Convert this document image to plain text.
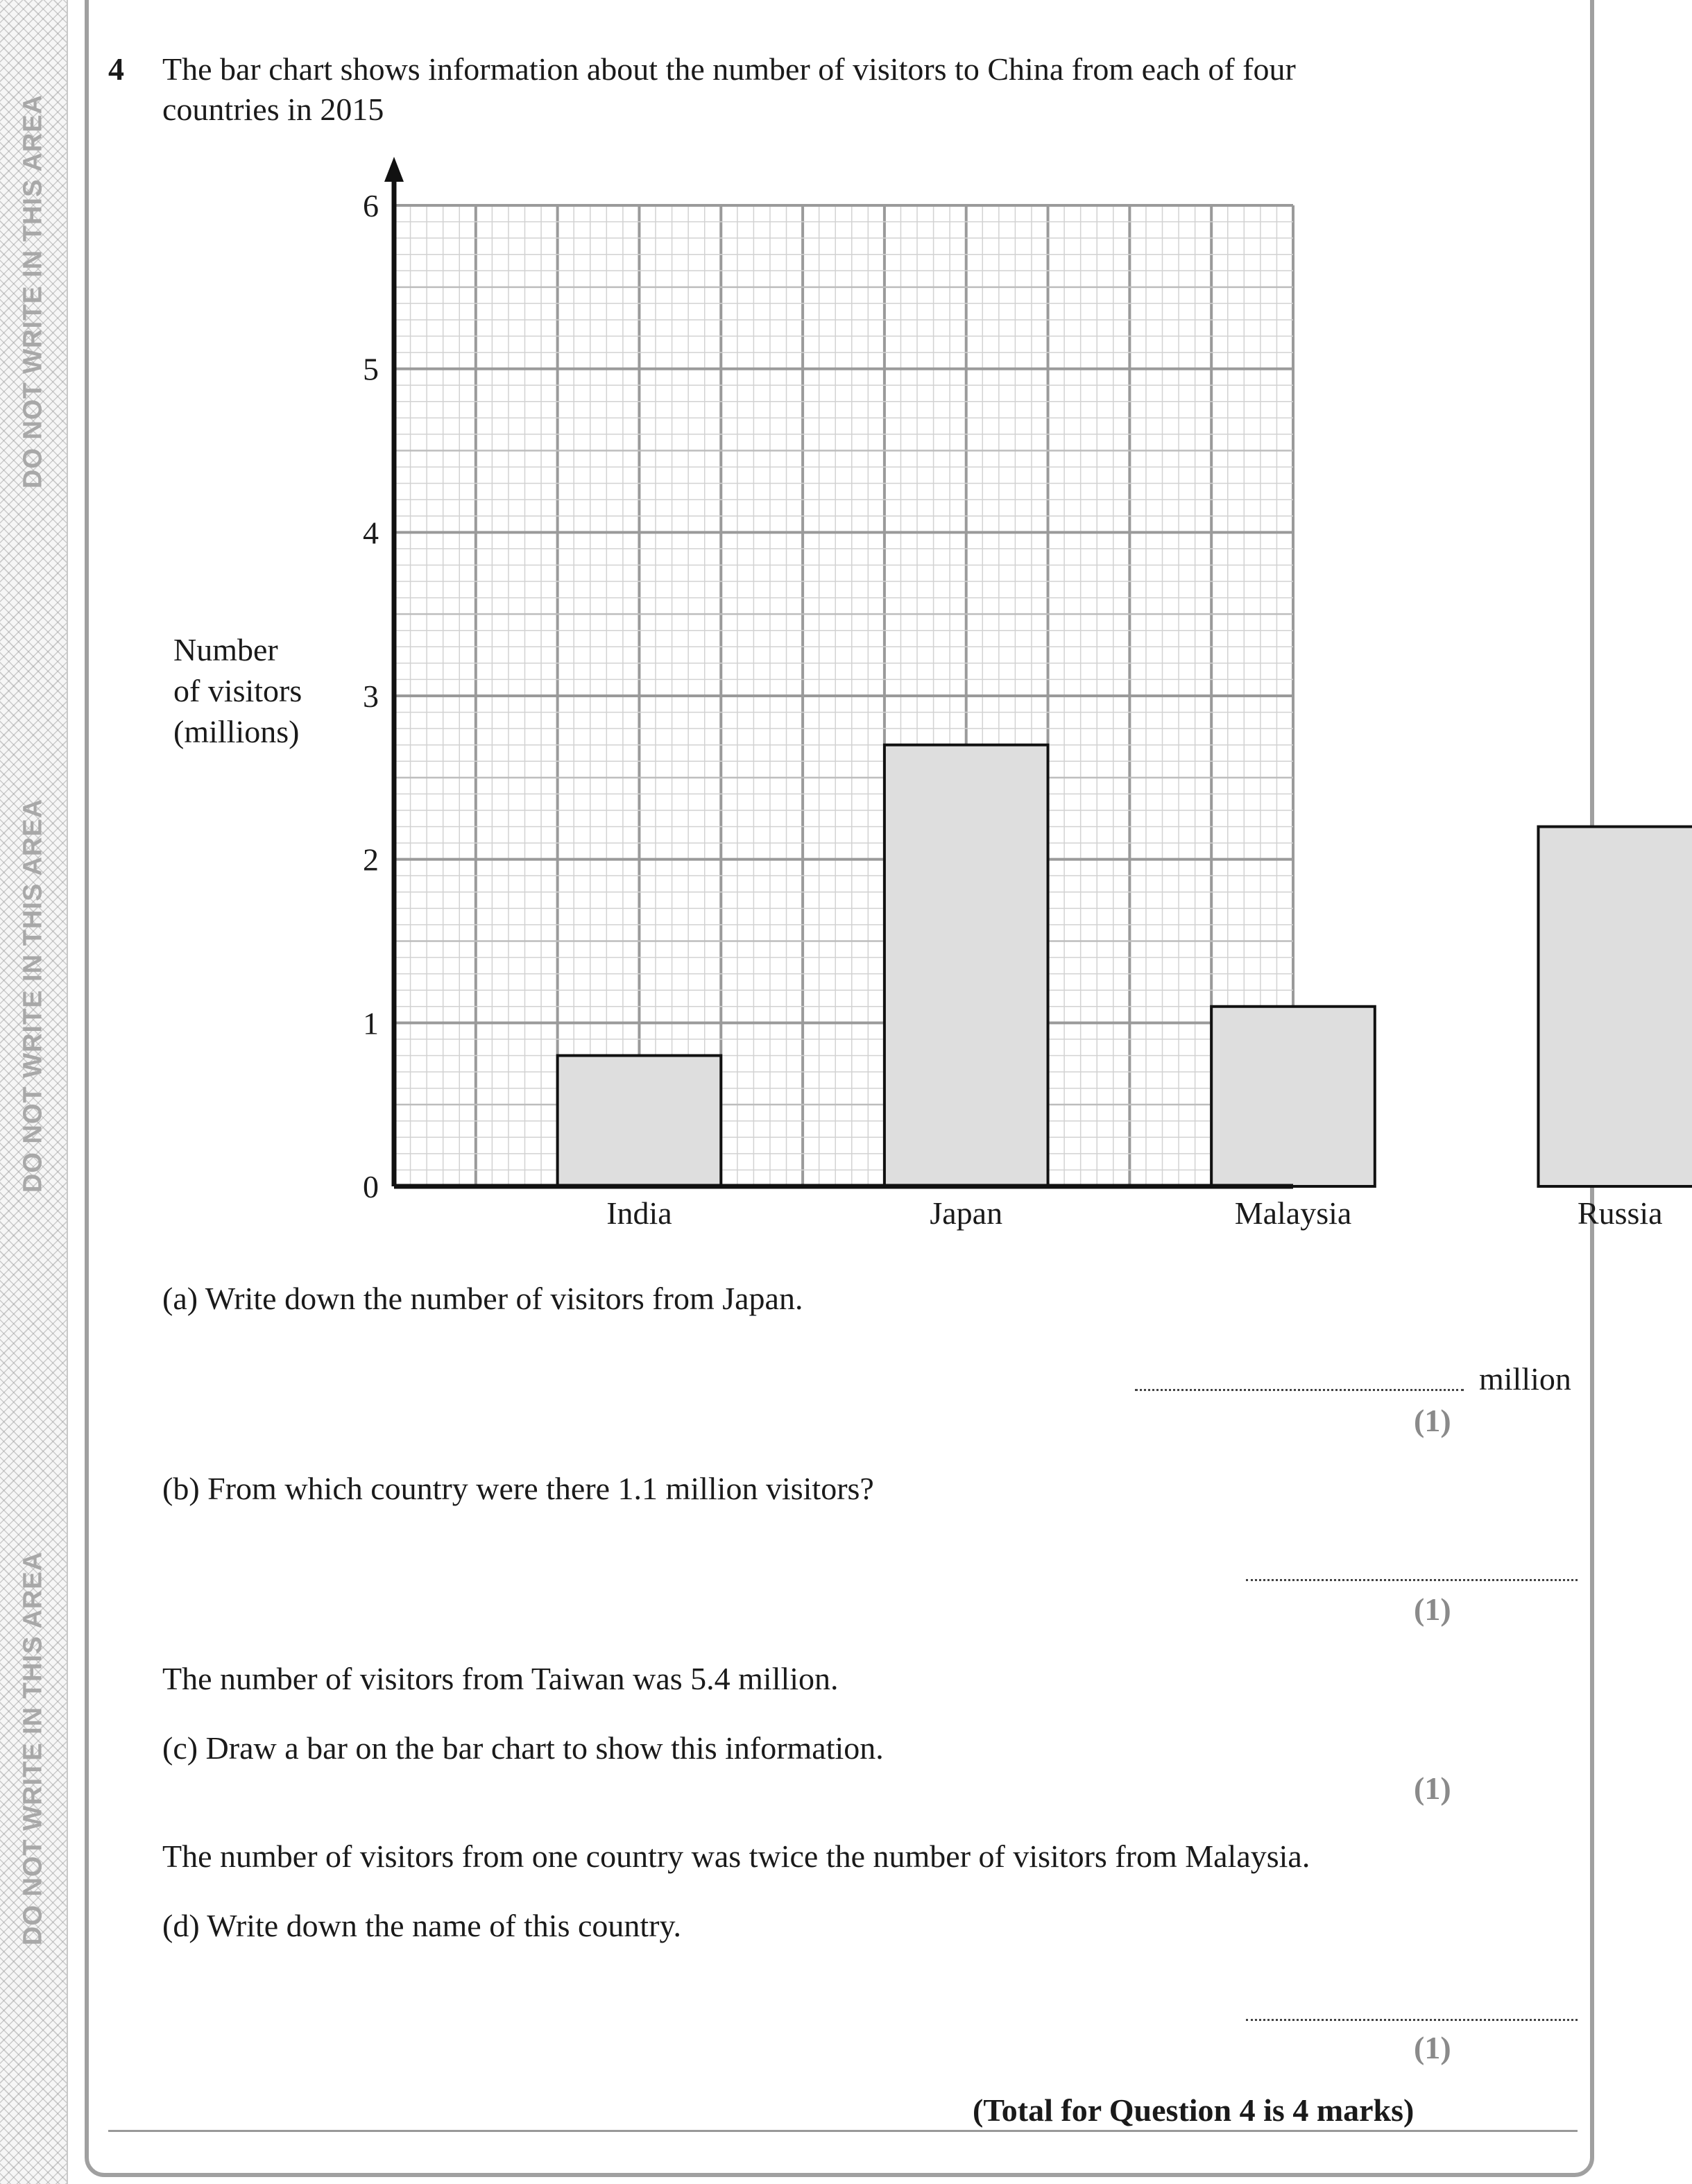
DO NOT WRITE IN THIS AREA
DO NOT WRITE IN THIS AREA
DO NOT WRITE IN THIS AREA
4 The bar chart shows information about the number of visitors to China from each of four
countries in 2015
0
1
2
3
4
5
6
India	Japan	Malaysia	Russia
Number
of visitors
(millions)
(a) Write down the number of visitors from Japan.
million
(1)
(b) From which country were there 1.1 million visitors?
(1)
The number of visitors from Taiwan was 5.4 million.
(c) Draw a bar on the bar chart to show this information.
(1)
The number of visitors from one country was twice the number of visitors from Malaysia.
(d) Write down the name of this country.
(1)
(Total for Question 4 is 4 marks)
